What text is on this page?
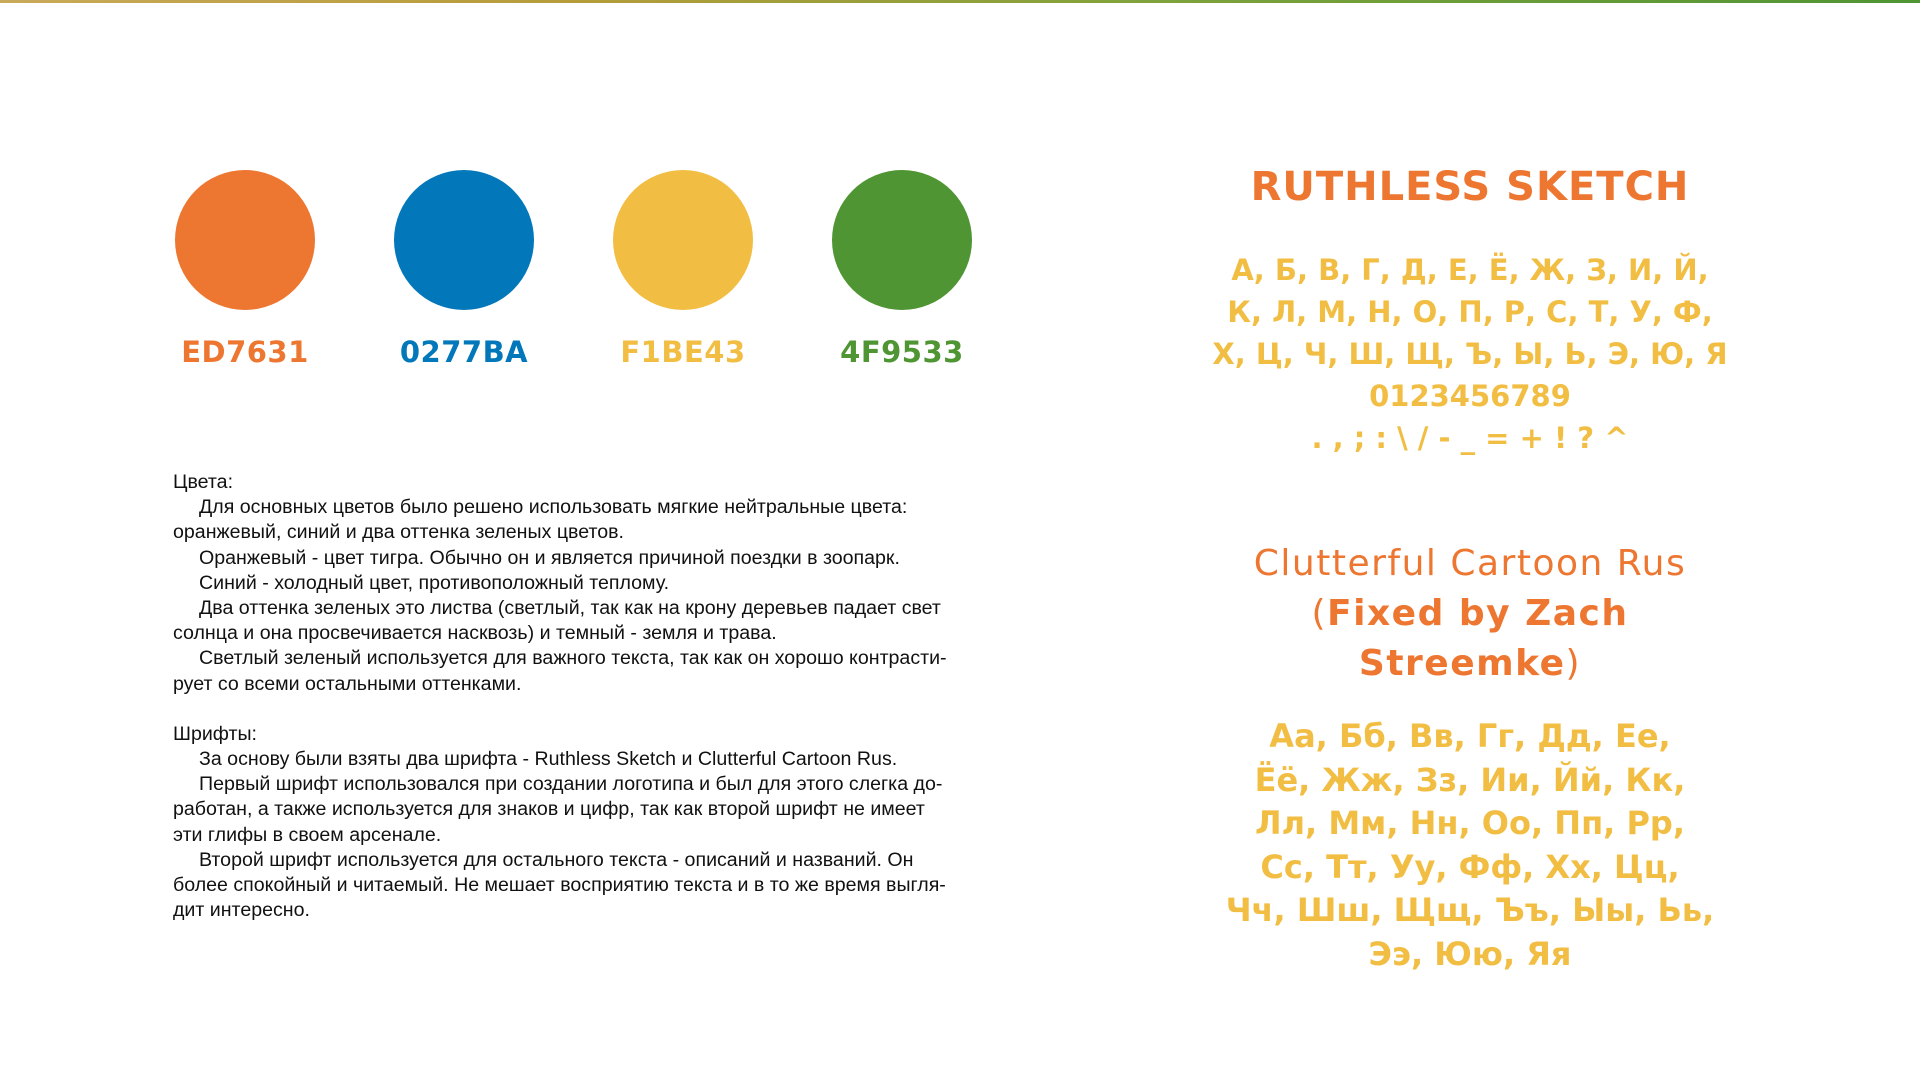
ED7631	0277BA	F1BE43	4F9533

Цвета:

Для основных цветов было решено использовать мягкие нейтральные цвета:

оранжевый, синий и два оттенка зеленых цветов.

Оранжевый - цвет тигра. Обычно он и является причиной поездки в зоопарк.

Синий - холодный цвет, противоположный теплому.

Два оттенка зеленых это листва (светлый, так как на крону деревьев падает свет

солнца и она просвечивается насквозь) и темный - земля и трава.

Светлый зеленый используется для важного текста, так как он хорошо контрасти-

рует со всеми остальными оттенками.

Шрифты:

За основу были взяты два шрифта - Ruthless Sketch и Clutterful Cartoon Rus.

Первый шрифт использовался при создании логотипа и был для этого слегка до-

работан, а также используется для знаков и цифр, так как второй шрифт не имеет

эти глифы в своем арсенале.

Второй шрифт используется для остального текста - описаний и названий. Он

более спокойный и читаемый. Не мешает восприятию текста и в то же время выгля-

дит интересно.

RUTHLESS SKETCH
А, Б, В, Г, Д, Е, Ё, Ж, З, И, Й,
К, Л, М, Н, О, П, Р, С, Т, У, Ф,
Х, Ц, Ч, Ш, Щ, Ъ, Ы, Ь, Э, Ю, Я
0123456789
. , ; : \ / - _ = + ! ? ^
Clutterful Cartoon Rus
(Fixed by Zach Streemke)
Аа, Бб, Вв, Гг, Дд, Ее,
Ёё, Жж, Зз, Ии, Йй, Кк,
Лл, Мм, Нн, Оо, Пп, Рр,
Сс, Тт, Уу, Фф, Хх, Цц,
Чч, Шш, Щщ, Ъъ, Ыы, Ьь,
Ээ, Юю, Яя
